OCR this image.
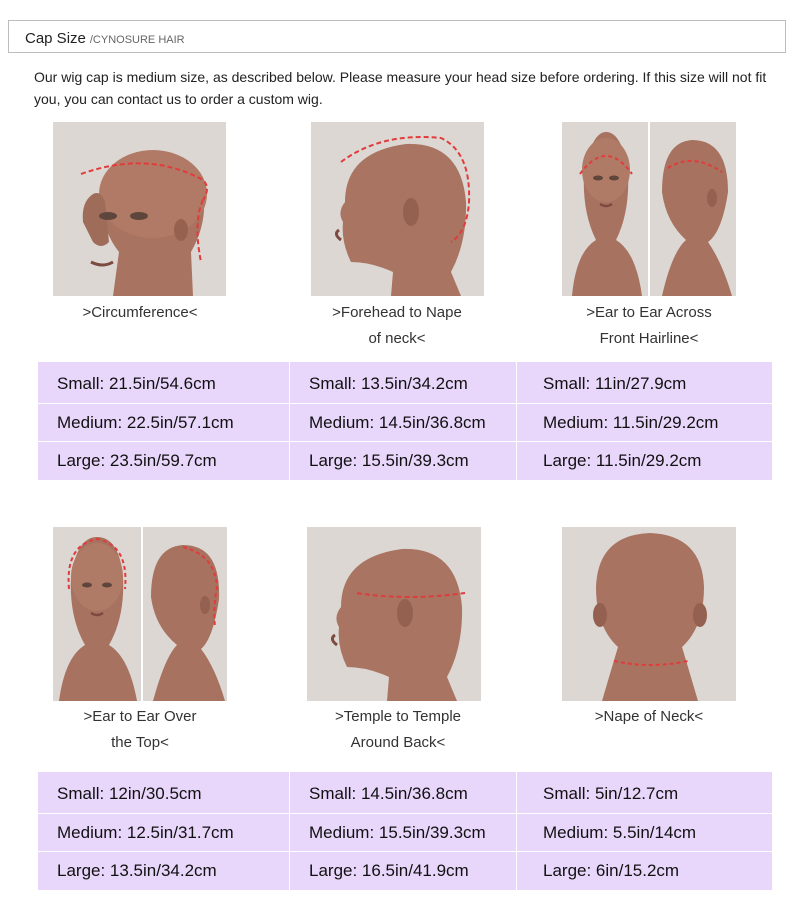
Cap Size /CYNOSURE HAIR
Our wig cap is medium size, as described below. Please measure your head size before ordering. If this size will not fit you, you can contact us to order a custom wig.
>Circumference<	>Forehead to Nape
of neck<
>Ear to Ear Across
Front Hairline<
Small: 21.5in/54.6cm	Small: 13.5in/34.2cm	Small: 11in/27.9cm
Medium: 22.5in/57.1cm	Medium: 14.5in/36.8cm	Medium: 11.5in/29.2cm
Large: 23.5in/59.7cm	Large: 15.5in/39.3cm	Large: 11.5in/29.2cm
>Ear to Ear Over
the Top<
>Temple to Temple
Around Back<
>Nape of Neck<
Small: 12in/30.5cm	Small: 14.5in/36.8cm	Small: 5in/12.7cm
Medium: 12.5in/31.7cm	Medium: 15.5in/39.3cm	Medium: 5.5in/14cm
Large: 13.5in/34.2cm	Large: 16.5in/41.9cm	Large: 6in/15.2cm
